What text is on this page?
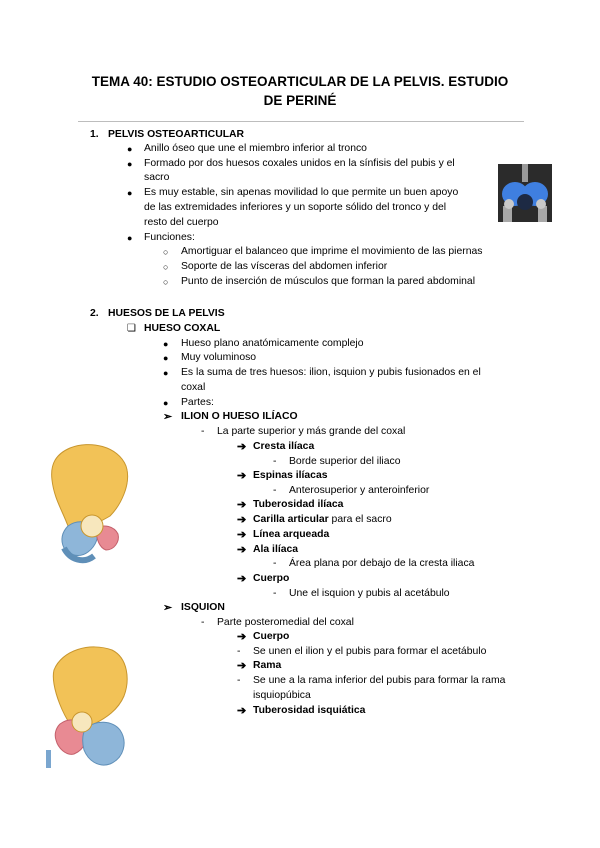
TEMA 40: ESTUDIO OSTEOARTICULAR DE LA PELVIS. ESTUDIO
DE PERINÉ
1. PELVIS OSTEOARTICULAR
● Anillo óseo que une el miembro inferior al tronco
● Formado por dos huesos coxales unidos en la sínfisis del pubis y el
sacro
● Es muy estable, sin apenas movilidad lo que permite un buen apoyo
de las extremidades inferiores y un soporte sólido del tronco y del
resto del cuerpo
● Funciones:
○ Amortiguar el balanceo que imprime el movimiento de las piernas
○ Soporte de las vísceras del abdomen inferior
○ Punto de inserción de músculos que forman la pared abdominal
2. HUESOS DE LA PELVIS
❏ HUESO COXAL
● Hueso plano anatómicamente complejo
● Muy voluminoso
● Es la suma de tres huesos: ilion, isquion y pubis fusionados en el
coxal
● Partes:
➢ ILION O HUESO ILÍACO
- La parte superior y más grande del coxal
➔ Cresta ilíaca
- Borde superior del iliaco
➔ Espinas ilíacas
- Anterosuperior y anteroinferior
➔ Tuberosidad ilíaca
➔ Carilla articular para el sacro
➔ Línea arqueada
➔ Ala ilíaca
- Área plana por debajo de la cresta iliaca
➔ Cuerpo
- Une el isquion y pubis al acetábulo
➢ ISQUION
- Parte posteromedial del coxal
➔ Cuerpo
- Se unen el ilion y el pubis para formar el acetábulo
➔ Rama
- Se une a la rama inferior del pubis para formar la rama
isquiopúbica
➔ Tuberosidad isquiática
